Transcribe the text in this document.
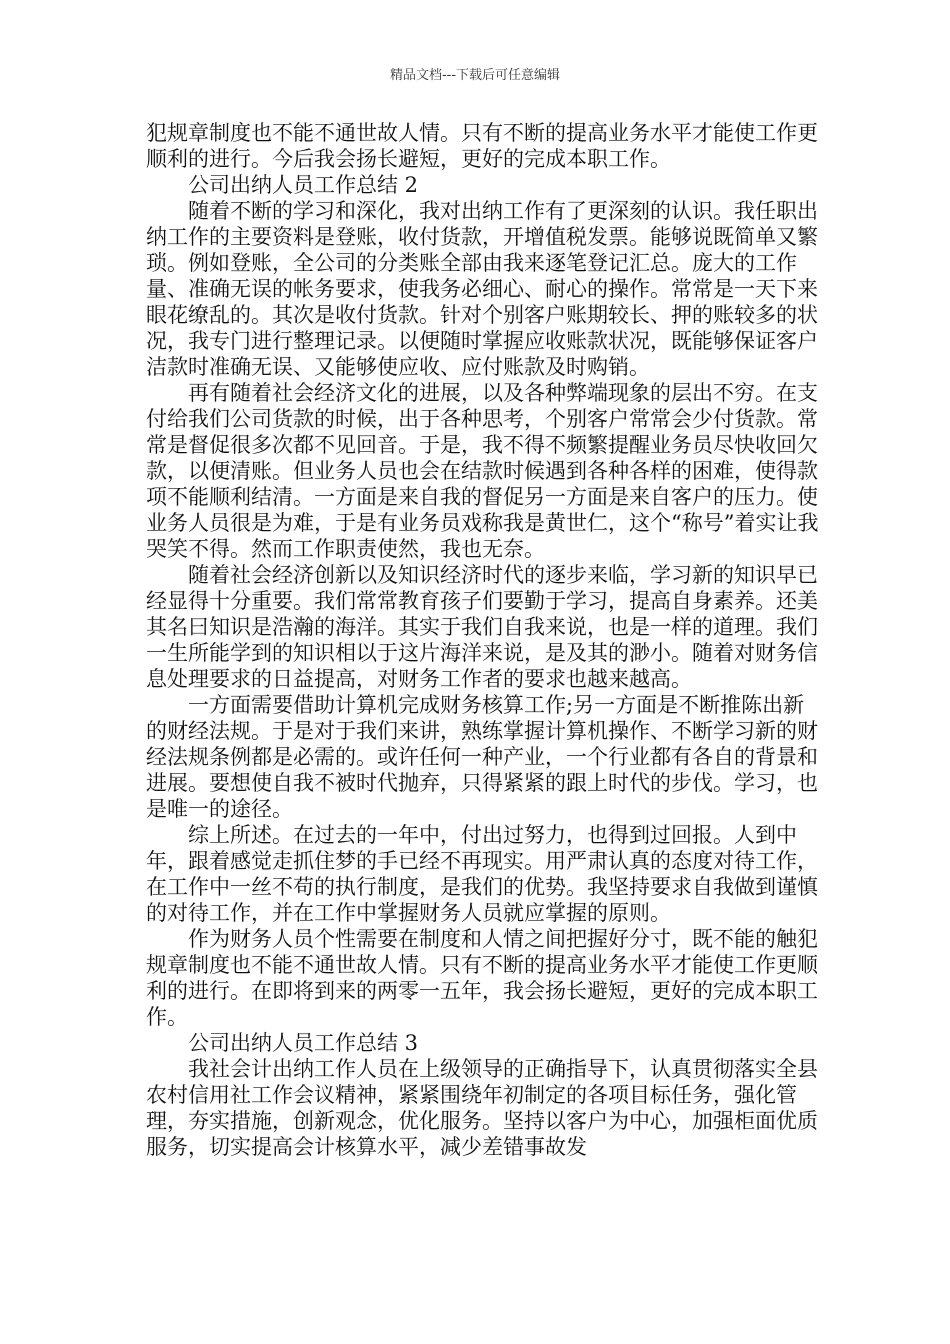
精品文档---下载后可任意编辑

犯规章制度也不能不通世故人情。只有不断的提高业务水平才能使工作更顺利的进行。今后我会扬长避短，更好的完成本职工作。

公司出纳人员工作总结 2

随着不断的学习和深化，我对出纳工作有了更深刻的认识。我任职出纳工作的主要资料是登账，收付货款，开增值税发票。能够说既简单又繁琐。例如登账，全公司的分类账全部由我来逐笔登记汇总。庞大的工作量、准确无误的帐务要求，使我务必细心、耐心的操作。常常是一天下来眼花缭乱的。其次是收付货款。针对个别客户账期较长、押的账较多的状况，我专门进行整理记录。以便随时掌握应收账款状况，既能够保证客户洁款时准确无误、又能够使应收、应付账款及时购销。

再有随着社会经济文化的进展，以及各种弊端现象的层出不穷。在支付给我们公司货款的时候，出于各种思考，个别客户常常会少付货款。常常是督促很多次都不见回音。于是，我不得不频繁提醒业务员尽快收回欠款，以便清账。但业务人员也会在结款时候遇到各种各样的困难，使得款项不能顺利结清。一方面是来自我的督促另一方面是来自客户的压力。使业务人员很是为难，于是有业务员戏称我是黄世仁，这个“称号”着实让我哭笑不得。然而工作职责使然，我也无奈。

随着社会经济创新以及知识经济时代的逐步来临，学习新的知识早已经显得十分重要。我们常常教育孩子们要勤于学习，提高自身素养。还美其名曰知识是浩瀚的海洋。其实于我们自我来说，也是一样的道理。我们一生所能学到的知识相以于这片海洋来说，是及其的渺小。随着对财务信息处理要求的日益提高，对财务工作者的要求也越来越高。

一方面需要借助计算机完成财务核算工作;另一方面是不断推陈出新的财经法规。于是对于我们来讲，熟练掌握计算机操作、不断学习新的财经法规条例都是必需的。或许任何一种产业，一个行业都有各自的背景和进展。要想使自我不被时代抛弃，只得紧紧的跟上时代的步伐。学习，也是唯一的途径。

综上所述。在过去的一年中，付出过努力，也得到过回报。人到中年，跟着感觉走抓住梦的手已经不再现实。用严肃认真的态度对待工作，在工作中一丝不苟的执行制度，是我们的优势。我坚持要求自我做到谨慎的对待工作，并在工作中掌握财务人员就应掌握的原则。

作为财务人员个性需要在制度和人情之间把握好分寸，既不能的触犯规章制度也不能不通世故人情。只有不断的提高业务水平才能使工作更顺利的进行。在即将到来的两零一五年，我会扬长避短，更好的完成本职工作。

公司出纳人员工作总结 3

我社会计出纳工作人员在上级领导的正确指导下，认真贯彻落实全县农村信用社工作会议精神，紧紧围绕年初制定的各项目标任务，强化管理，夯实措施，创新观念，优化服务。坚持以客户为中心，加强柜面优质服务，切实提高会计核算水平，减少差错事故发
